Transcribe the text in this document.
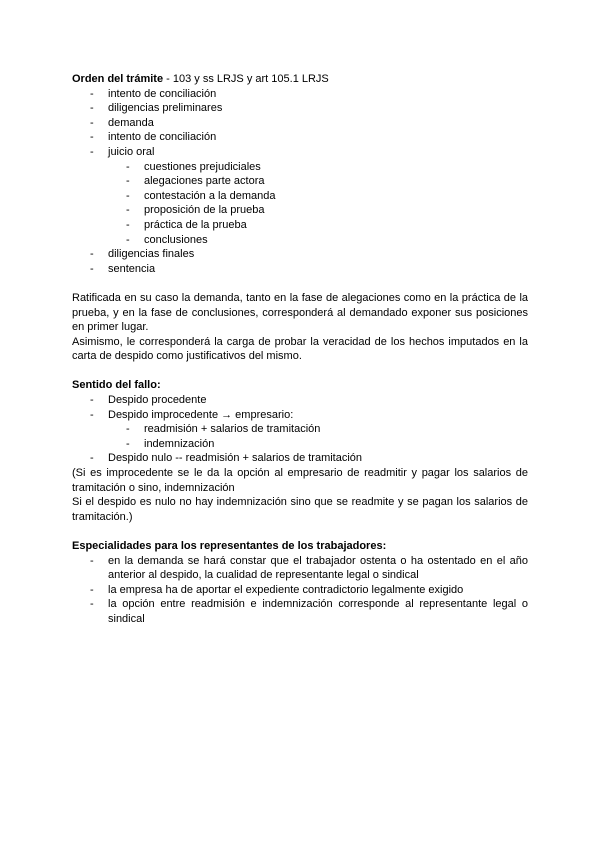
Orden del trámite - 103 y ss LRJS y art 105.1 LRJS
- intento de conciliación
- diligencias preliminares
- demanda
- intento de conciliación
- juicio oral
- cuestiones prejudiciales
- alegaciones parte actora
- contestación a la demanda
- proposición de la prueba
- práctica de la prueba
- conclusiones
- diligencias finales
- sentencia
Ratificada en su caso la demanda, tanto en la fase de alegaciones como en la práctica de la prueba, y en la fase de conclusiones, corresponderá al demandado exponer sus posiciones en primer lugar.
Asimismo, le corresponderá la carga de probar la veracidad de los hechos imputados en la carta de despido como justificativos del mismo.
Sentido del fallo:
- Despido procedente
- Despido improcedente → empresario:
- readmisión + salarios de tramitación
- indemnización
- Despido nulo -- readmisión + salarios de tramitación
(Si es improcedente se le da la opción al empresario de readmitir y pagar los salarios de tramitación o sino, indemnización
Si el despido es nulo no hay indemnización sino que se readmite y se pagan los salarios de tramitación.)
Especialidades para los representantes de los trabajadores:
- en la demanda se hará constar que el trabajador ostenta o ha ostentado en el año anterior al despido, la cualidad de representante legal o sindical
- la empresa ha de aportar el expediente contradictorio legalmente exigido
- la opción entre readmisión e indemnización corresponde al representante legal o sindical
